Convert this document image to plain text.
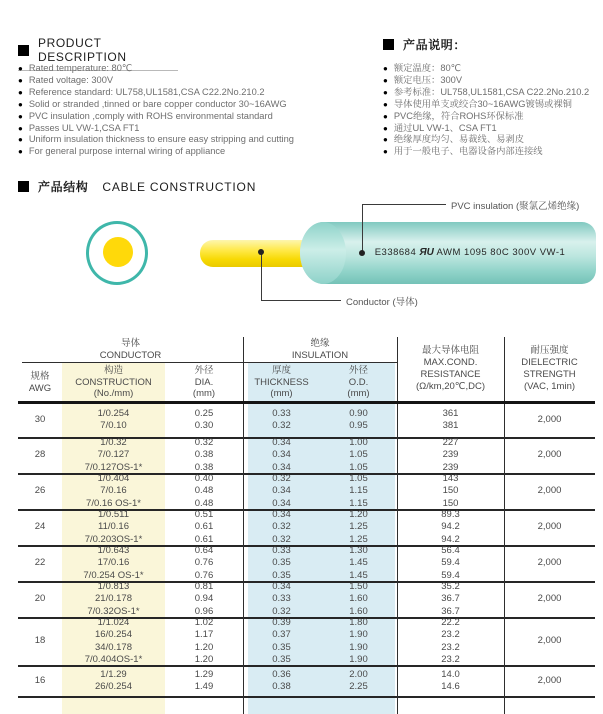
PRODUCT DESCRIPTION
● Rated temperature: 80℃
● Rated voltage: 300V
● Reference standard: UL758,UL1581,CSA C22.2No.210.2
● Solid or stranded ,tinned or bare copper conductor 30~16AWG
● PVC insulation ,comply with ROHS environmental standard
● Passes UL VW-1,CSA FT1
● Uniform insulation thickness to ensure easy stripping and cutting
● For general purpose internal wiring of appliance
产品说明：
● 额定温度：80℃
● 额定电压：300V
● 参考标准：UL758,UL1581,CSA C22.2No.210.2
● 导体使用单支或绞合30~16AWG镀锡或裸铜
● PVC绝缘，符合ROHS环保标准
● 通过UL VW-1、CSA FT1
● 绝缘厚度均匀、易裁线、易剥皮
● 用于一般电子、电器设备内部连接线
产品结构 CABLE CONSTRUCTION
E338684 ЯU AWM 1095 80C 300V VW-1
PVC insulation (聚氯乙烯绝缘)
Conductor (导体)
导体
CONDUCTOR
绝缘
INSULATION
规格
AWG
构造
CONSTRUCTION
(No./mm)
外径
DIA.
(mm)
厚度
THICKNESS
(mm)
外径
O.D.
(mm)
最大导体电阻
MAX.COND.
RESISTANCE
(Ω/km,20℃,DC)
耐压强度
DIELECTRIC
STRENGTH
(VAC, 1min)
30
1/0.254
7/0.10
0.25
0.30
0.33
0.32
0.90
0.95
361
381
2,000
28
1/0.32
7/0.127
7/0.127OS-1*
0.32
0.38
0.38
0.34
0.34
0.34
1.00
1.05
1.05
227
239
239
2,000
26
1/0.404
7/0.16
7/0.16 OS-1*
0.40
0.48
0.48
0.32
0.34
0.34
1.05
1.15
1.15
143
150
150
2,000
24
1/0.511
11/0.16
7/0.203OS-1*
0.51
0.61
0.61
0.34
0.32
0.32
1.20
1.25
1.25
89.3
94.2
94.2
2,000
22
1/0.643
17/0.16
7/0.254 OS-1*
0.64
0.76
0.76
0.33
0.35
0.35
1.30
1.45
1.45
56.4
59.4
59.4
2,000
20
1/0.813
21/0.178
7/0.32OS-1*
0.81
0.94
0.96
0.34
0.33
0.32
1.50
1.60
1.60
35.2
36.7
36.7
2,000
18
1/1.024
16/0.254
34/0.178
7/0.404OS-1*
1.02
1.17
1.20
1.20
0.39
0.37
0.35
0.35
1.80
1.90
1.90
1.90
22.2
23.2
23.2
23.2
2,000
16
1/1.29
26/0.254
1.29
1.49
0.36
0.38
2.00
2.25
14.0
14.6
2,000
